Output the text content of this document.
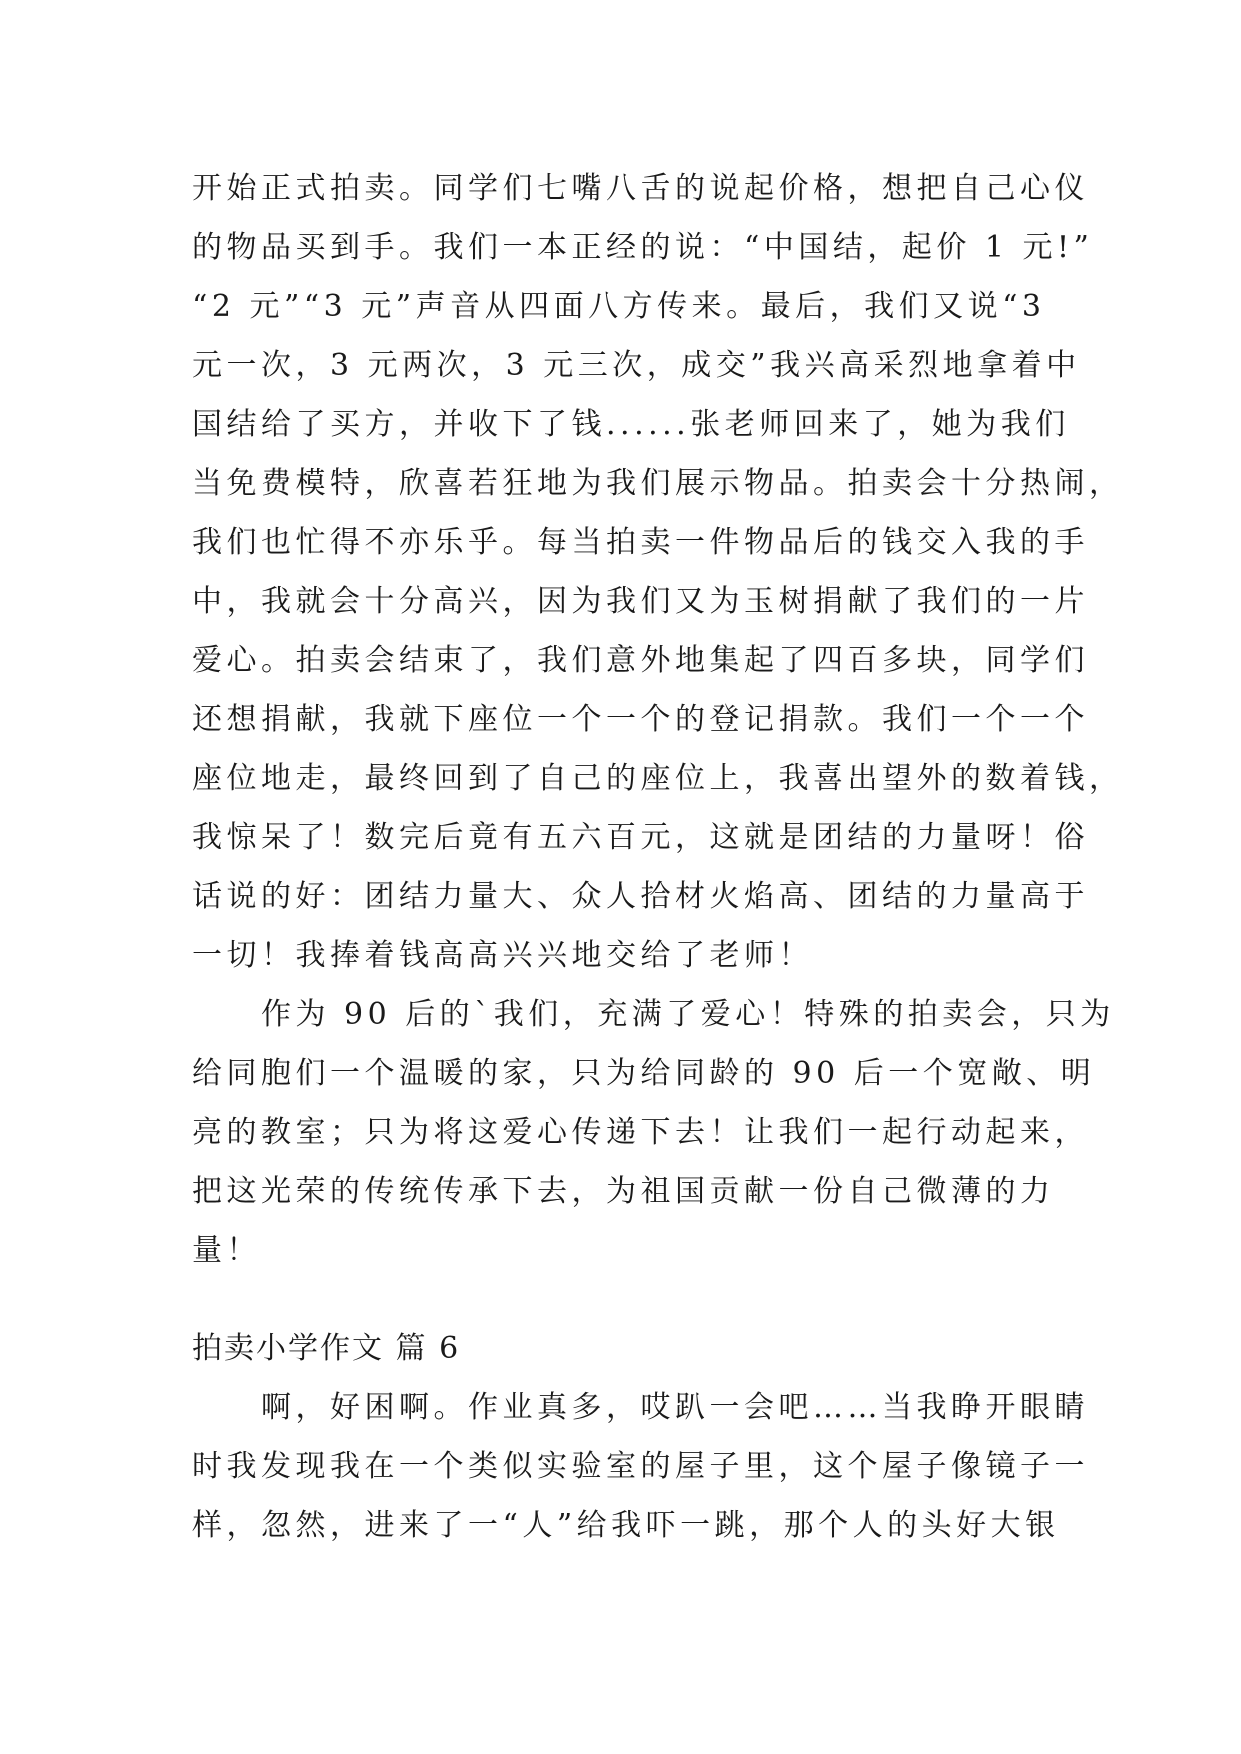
开始正式拍卖。同学们七嘴八舌的说起价格，想把自己心仪
的物品买到手。我们一本正经的说：“中国结，起价 1 元!”
“2 元”“3 元”声音从四面八方传来。最后，我们又说“3
元一次，3 元两次，3 元三次，成交”我兴高采烈地拿着中
国结给了买方，并收下了钱......张老师回来了，她为我们
当免费模特，欣喜若狂地为我们展示物品。拍卖会十分热闹，
我们也忙得不亦乐乎。每当拍卖一件物品后的钱交入我的手
中，我就会十分高兴，因为我们又为玉树捐献了我们的一片
爱心。拍卖会结束了，我们意外地集起了四百多块，同学们
还想捐献，我就下座位一个一个的登记捐款。我们一个一个
座位地走，最终回到了自己的座位上，我喜出望外的数着钱，
我惊呆了！数完后竟有五六百元，这就是团结的力量呀！俗
话说的好：团结力量大、众人拾材火焰高、团结的力量高于
一切！我捧着钱高高兴兴地交给了老师！
　　作为 90 后的`我们，充满了爱心！特殊的拍卖会，只为
给同胞们一个温暖的家，只为给同龄的 90 后一个宽敞、明
亮的教室；只为将这爱心传递下去！让我们一起行动起来，
把这光荣的传统传承下去，为祖国贡献一份自己微薄的力
量！
拍卖小学作文 篇 6
　　啊，好困啊。作业真多，哎趴一会吧……当我睁开眼睛
时我发现我在一个类似实验室的屋子里，这个屋子像镜子一
样，忽然，进来了一“人”给我吓一跳，那个人的头好大银
